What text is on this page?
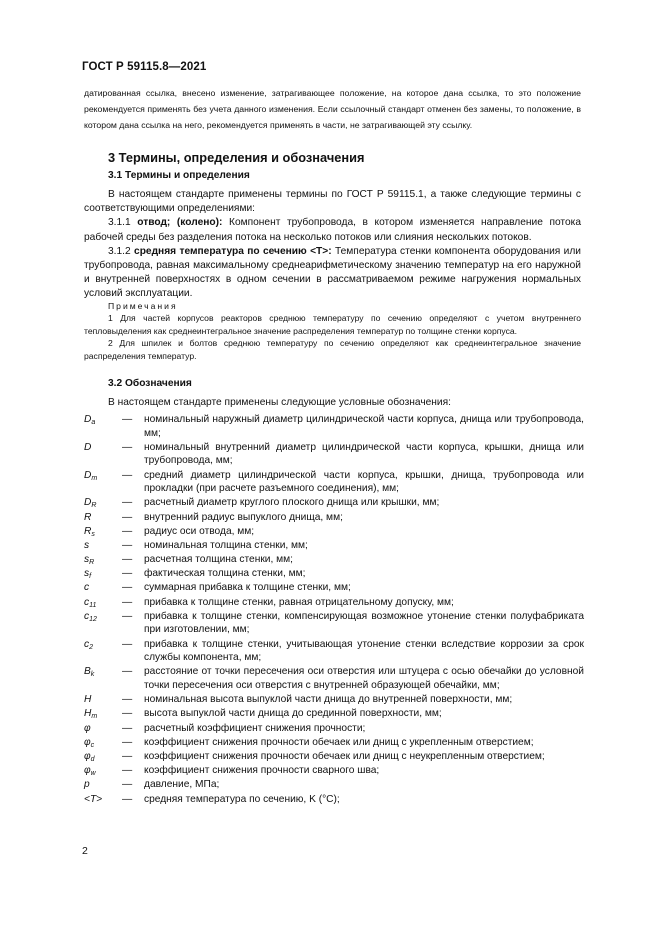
ГОСТ Р 59115.8—2021

датированная ссылка, внесено изменение, затрагивающее положение, на которое дана ссылка, то это положение рекомендуется применять без учета данного изменения. Если ссылочный стандарт отменен без замены, то положение, в котором дана ссылка на него, рекомендуется применять в части, не затрагивающей эту ссылку.

3 Термины, определения и обозначения
3.1 Термины и определения

В настоящем стандарте применены термины по ГОСТ Р 59115.1, а также следующие термины с соответствующими определениями:

3.1.1 отвод; (колено): Компонент трубопровода, в котором изменяется направление потока рабочей среды без разделения потока на несколько потоков или слияния нескольких потоков.

3.1.2 средняя температура по сечению <T>: Температура стенки компонента оборудования или трубопровода, равная максимальному среднеарифметическому значению температур на его наружной и внутренней поверхностях в одном сечении в рассматриваемом режиме нагружения нормальных условий эксплуатации.

Примечания

1 Для частей корпусов реакторов среднюю температуру по сечению определяют с учетом внутреннего тепловыделения как среднеинтегральное значение распределения температур по толщине стенки корпуса.

2 Для шпилек и болтов среднюю температуру по сечению определяют как среднеинтегральное значение распределения температур.

3.2 Обозначения

В настоящем стандарте применены следующие условные обозначения:

$D_a$	—	номинальный наружный диаметр цилиндрической части корпуса, днища или трубопровода, мм;
D	—	номинальный внутренний диаметр цилиндрической части корпуса, крышки, днища или трубопровода, мм;
$D_m$	—	средний диаметр цилиндрической части корпуса, крышки, днища, трубопровода или прокладки (при расчете разъемного соединения), мм;
$D_R$	—	расчетный диаметр круглого плоского днища или крышки, мм;
R	—	внутренний радиус выпуклого днища, мм;
$R_s$	—	радиус оси отвода, мм;
s	—	номинальная толщина стенки, мм;
$s_R$	—	расчетная толщина стенки, мм;
$s_f$	—	фактическая толщина стенки, мм;
c	—	суммарная прибавка к толщине стенки, мм;
$c_{11}$	—	прибавка к толщине стенки, равная отрицательному допуску, мм;
$c_{12}$	—	прибавка к толщине стенки, компенсирующая возможное утонение стенки полуфабриката при изготовлении, мм;
$c_2$	—	прибавка к толщине стенки, учитывающая утонение стенки вследствие коррозии за срок службы компонента, мм;
$B_k$	—	расстояние от точки пересечения оси отверстия или штуцера с осью обечайки до условной точки пересечения оси отверстия с внутренней образующей обечайки, мм;
H	—	номинальная высота выпуклой части днища до внутренней поверхности, мм;
$H_m$	—	высота выпуклой части днища до срединной поверхности, мм;
φ	—	расчетный коэффициент снижения прочности;
$\varphi_c$	—	коэффициент снижения прочности обечаек или днищ с укрепленным отверстием;
$\varphi_d$	—	коэффициент снижения прочности обечаек или днищ с неукрепленным отверстием;
$\varphi_w$	—	коэффициент снижения прочности сварного шва;
p	—	давление, МПа;
<T>	—	средняя температура по сечению, K (°C);
2
